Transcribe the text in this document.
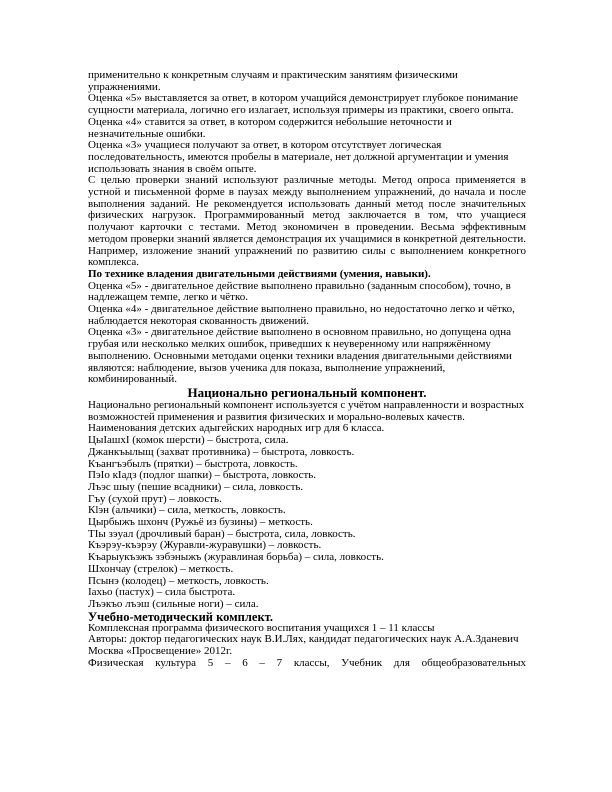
применительно к конкретным случаям и практическим занятиям физическими упражнениями.

Оценка «5» выставляется за ответ, в котором учащийся демонстрирует глубокое понимание сущности материала, логично его излагает, используя примеры из практики, своего опыта.

Оценка «4» ставится за ответ, в котором содержится небольшие неточности и незначительные ошибки.

Оценка «3» учащиеся получают за ответ, в котором отсутствует логическая последовательность, имеются пробелы в материале, нет должной аргументации и умения использовать знания в своём опыте.

С целью проверки знаний используют различные методы. Метод опроса применяется в устной и письменной форме в паузах между выполнением упражнений, до начала и после выполнения заданий. Не рекомендуется использовать данный метод после значительных физических нагрузок. Программированный метод заключается в том, что учащиеся получают карточки с тестами. Метод экономичен в проведении. Весьма эффективным методом проверки знаний является демонстрация их учащимися в конкретной деятельности. Например, изложение знаний упражнений по развитию силы с выполнением конкретного комплекса.

По технике владения двигательными действиями (умения, навыки).

Оценка «5» - двигательное действие выполнено правильно (заданным способом), точно, в надлежащем темпе, легко и чётко.

Оценка «4» - двигательное действие выполнено правильно, но недостаточно легко и чётко, наблюдается некоторая скованность движений.

Оценка «3» - двигательное действие выполнено в основном правильно, но допущена одна грубая или несколько мелких ошибок, приведших к неуверенному или напряжённому выполнению. Основными методами оценки техники владения двигательными действиями являются: наблюдение, вызов ученика для показа, выполнение упражнений, комбинированный.

Национально региональный компонент.

Национально региональный компонент используется с учётом направленности и возрастных возможностей применения и развития физических и морально-волевых качеств.

Наименования детских адыгейских народных игр для 6 класса.

ЦыIашхI (комок шерсти) – быстрота, сила.

Джанкъылыщ (захват противника) – быстрота, ловкость.

Къангъэбылъ (прятки) – быстрота, ловкость.

ПэIо кIадз (подлог шапки) – быстрота, ловкость.

Лъэс шыу (пешие всадники) – сила, ловкость.

Гъу (сухой прут) – ловкость.

Кlэн (альчики) – сила, меткость, ловкость.

Цырбыжъ шхонч (Ружьё из бузины) – меткость.

ТIы зэуал (дрочливый баран) – быстрота, сила, ловкость.

Къэрэу-къэрэу (Журавли-журавушки) – ловкость.

Къарыукъэжъ зэбэныжъ (журавлиная борьба) – сила, ловкость.

Шхончау (стрелок) – меткость.

Псынэ (колодец) – меткость, ловкость.

Iахьо (пастух) – сила быстрота.

Лъэкъо лъэш (сильные ноги) – сила.

Учебно-методический комплект.

Комплексная программа физического воспитания учащихся 1 – 11 классы

Авторы: доктор педагогических наук В.И.Лях, кандидат педагогических наук А.А.Зданевич

Москва «Просвещение» 2012г.

Физическая культура 5 – 6 – 7 классы, Учебник для общеобразовательных
